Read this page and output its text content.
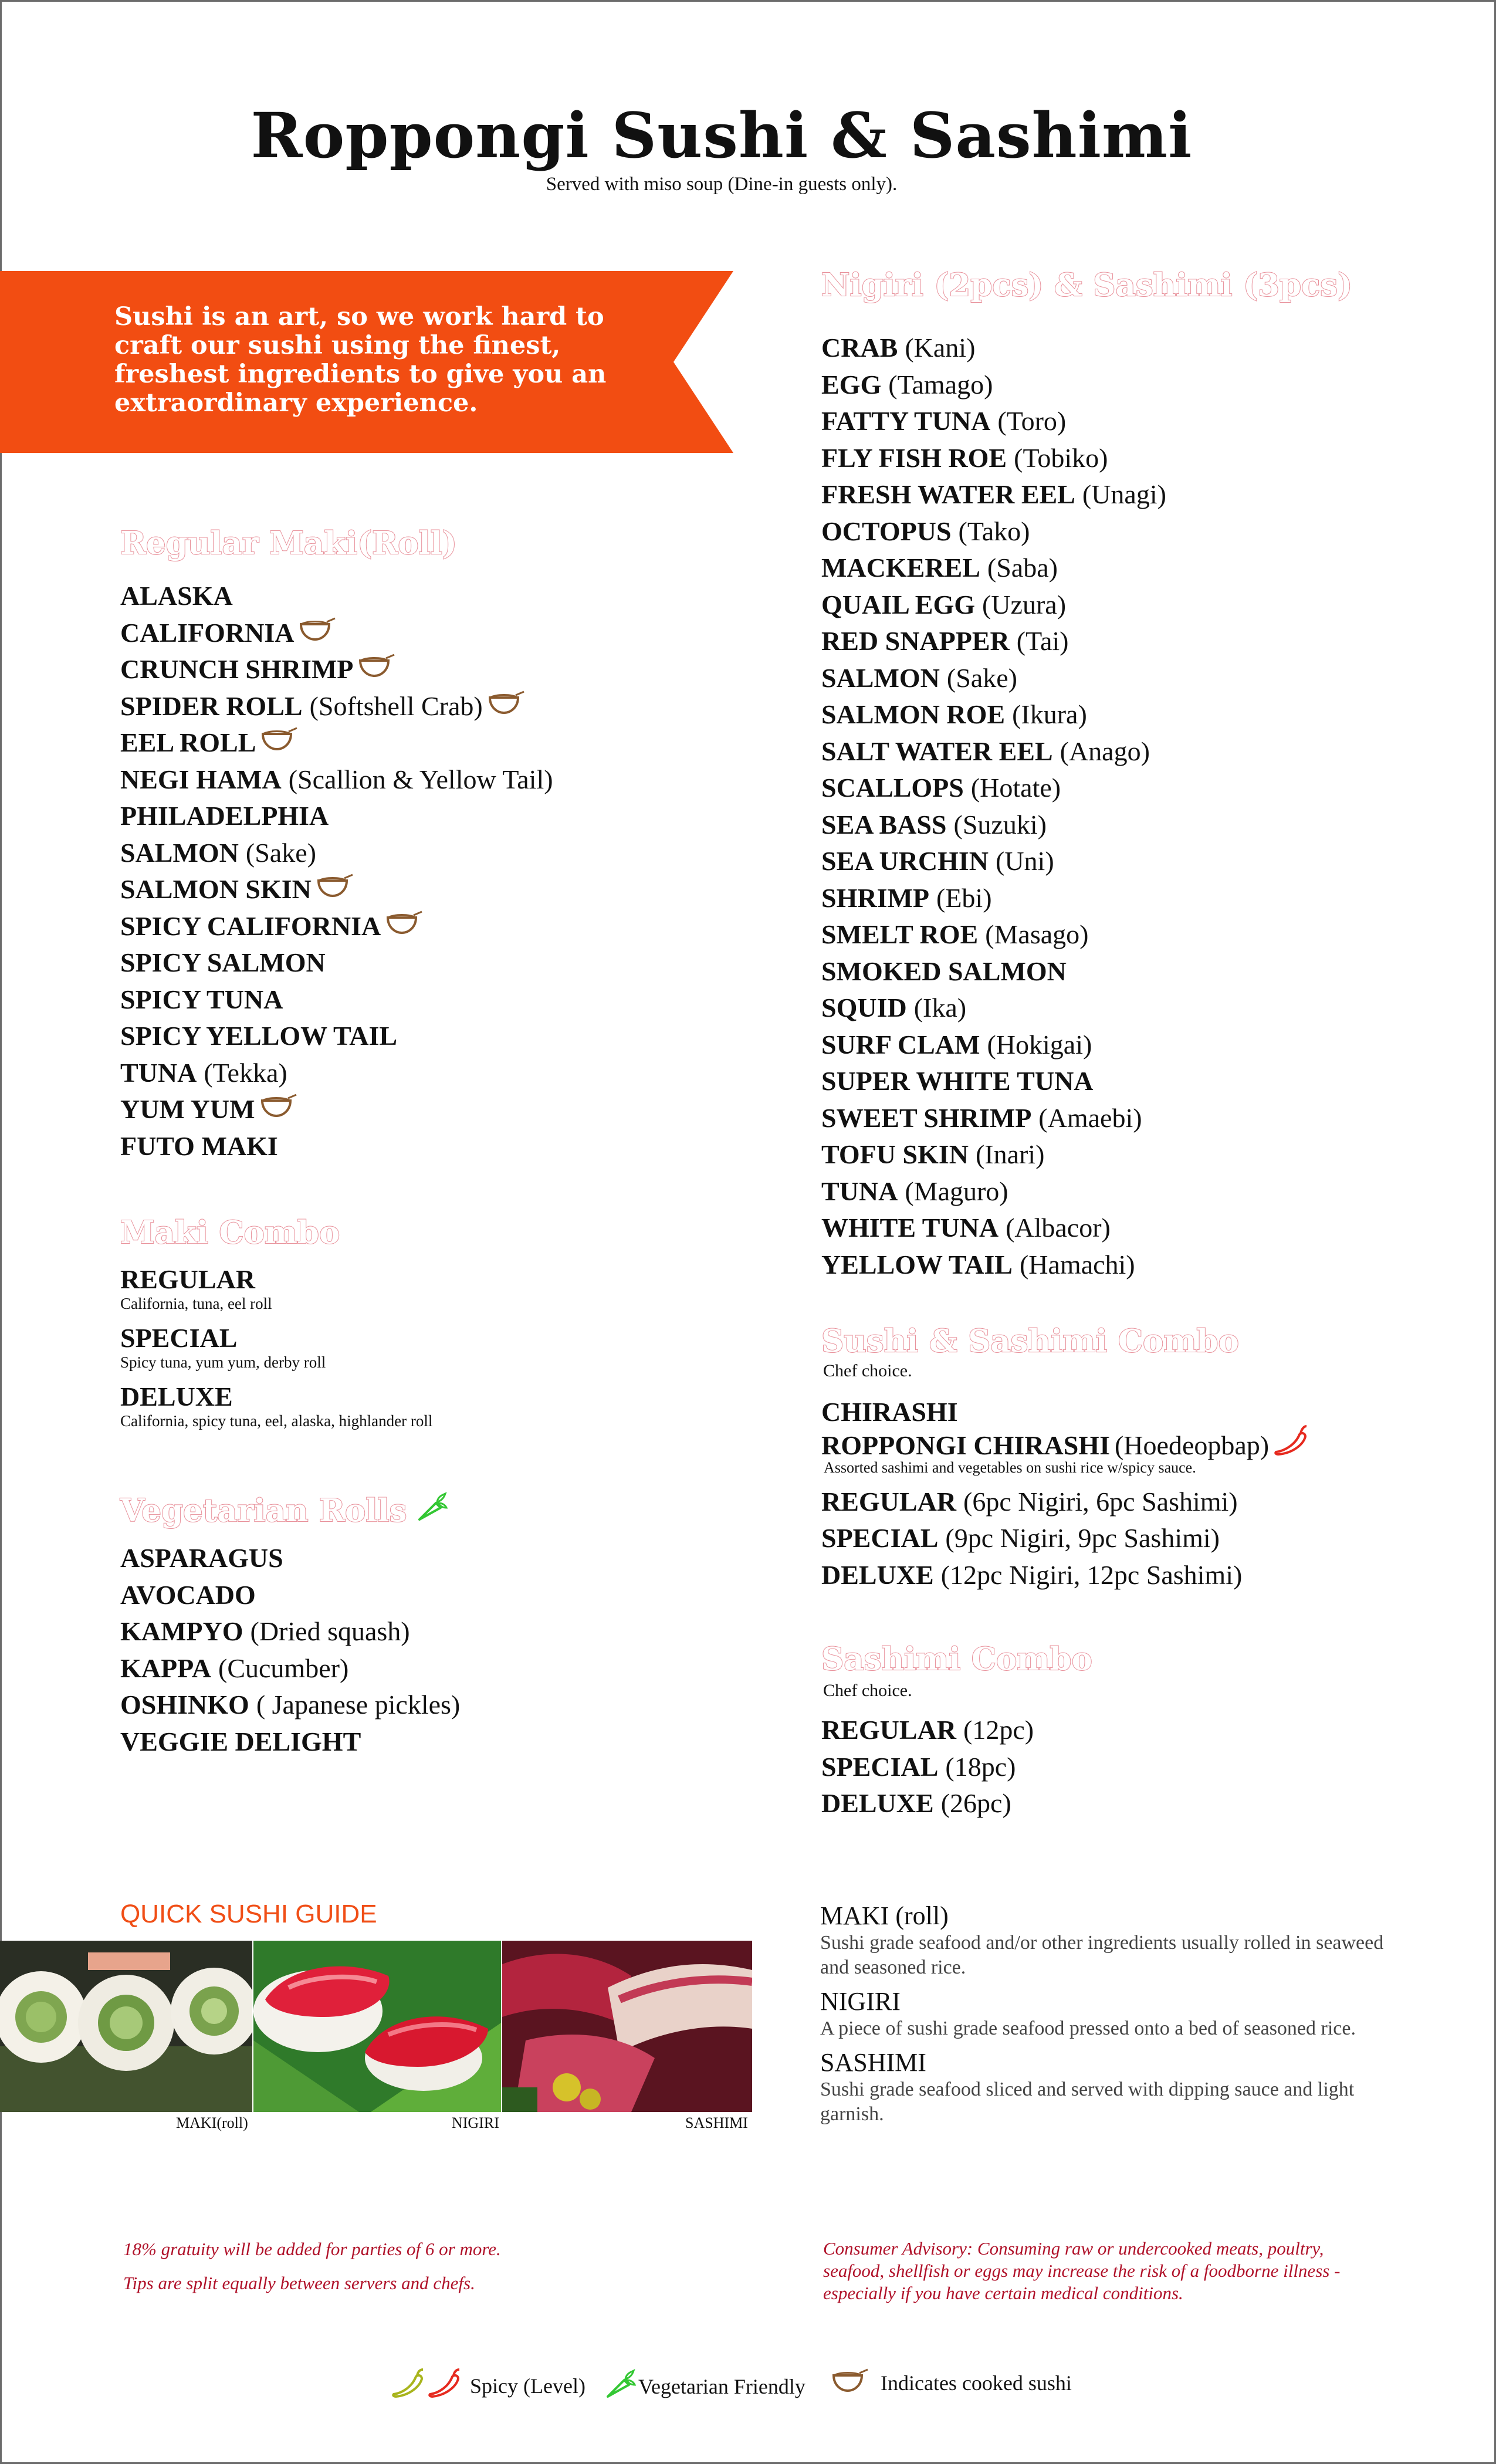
Roppongi Sushi & Sashimi
Served with miso soup (Dine-in guests only).
Sushi is an art, so we work hard to craft our sushi using the finest, freshest ingredients to give you an extraordinary experience.
Regular Maki(Roll)
ALASKA
CALIFORNIA
CRUNCH SHRIMP
SPIDER ROLL (Softshell Crab)
EEL ROLL
NEGI HAMA (Scallion & Yellow Tail)
PHILADELPHIA
SALMON (Sake)
SALMON SKIN
SPICY CALIFORNIA
SPICY SALMON
SPICY TUNA
SPICY YELLOW TAIL
TUNA (Tekka)
YUM YUM
FUTO MAKI
Maki Combo
REGULAR
California, tuna, eel roll
SPECIAL
Spicy tuna, yum yum, derby roll
DELUXE
California, spicy tuna, eel, alaska, highlander roll
Vegetarian Rolls
ASPARAGUS
AVOCADO
KAMPYO (Dried squash)
KAPPA (Cucumber)
OSHINKO ( Japanese pickles)
VEGGIE DELIGHT
Nigiri (2pcs) & Sashimi (3pcs)
CRAB (Kani)
EGG (Tamago)
FATTY TUNA (Toro)
FLY FISH ROE (Tobiko)
FRESH WATER EEL (Unagi)
OCTOPUS (Tako)
MACKEREL (Saba)
QUAIL EGG (Uzura)
RED SNAPPER (Tai)
SALMON (Sake)
SALMON ROE (Ikura)
SALT WATER EEL (Anago)
SCALLOPS (Hotate)
SEA BASS (Suzuki)
SEA URCHIN (Uni)
SHRIMP (Ebi)
SMELT ROE (Masago)
SMOKED SALMON
SQUID (Ika)
SURF CLAM (Hokigai)
SUPER WHITE TUNA
SWEET SHRIMP (Amaebi)
TOFU SKIN (Inari)
TUNA (Maguro)
WHITE TUNA (Albacor)
YELLOW TAIL (Hamachi)
Sushi & Sashimi Combo
Chef choice.
CHIRASHI
ROPPONGI CHIRASHI (Hoedeopbap)
Assorted sashimi and vegetables on sushi rice w/spicy sauce.
REGULAR (6pc Nigiri, 6pc Sashimi)
SPECIAL (9pc Nigiri, 9pc Sashimi)
DELUXE (12pc Nigiri, 12pc Sashimi)
Sashimi Combo
Chef choice.
REGULAR (12pc)
SPECIAL (18pc)
DELUXE (26pc)
QUICK SUSHI GUIDE
MAKI(roll)	NIGIRI	SASHIMI
MAKI (roll)
Sushi grade seafood and/or other ingredients usually rolled in seaweed and seasoned rice.
NIGIRI
A piece of sushi grade seafood pressed onto a bed of seasoned rice.
SASHIMI
Sushi grade seafood sliced and served with dipping sauce and light garnish.
18% gratuity will be added for parties of 6 or more.
Tips are split equally between servers and chefs.
Consumer Advisory: Consuming raw or undercooked meats, poultry, seafood, shellfish or eggs may increase the risk of a foodborne illness - especially if you have certain medical conditions.
Spicy (Level)	Vegetarian Friendly	Indicates cooked sushi
